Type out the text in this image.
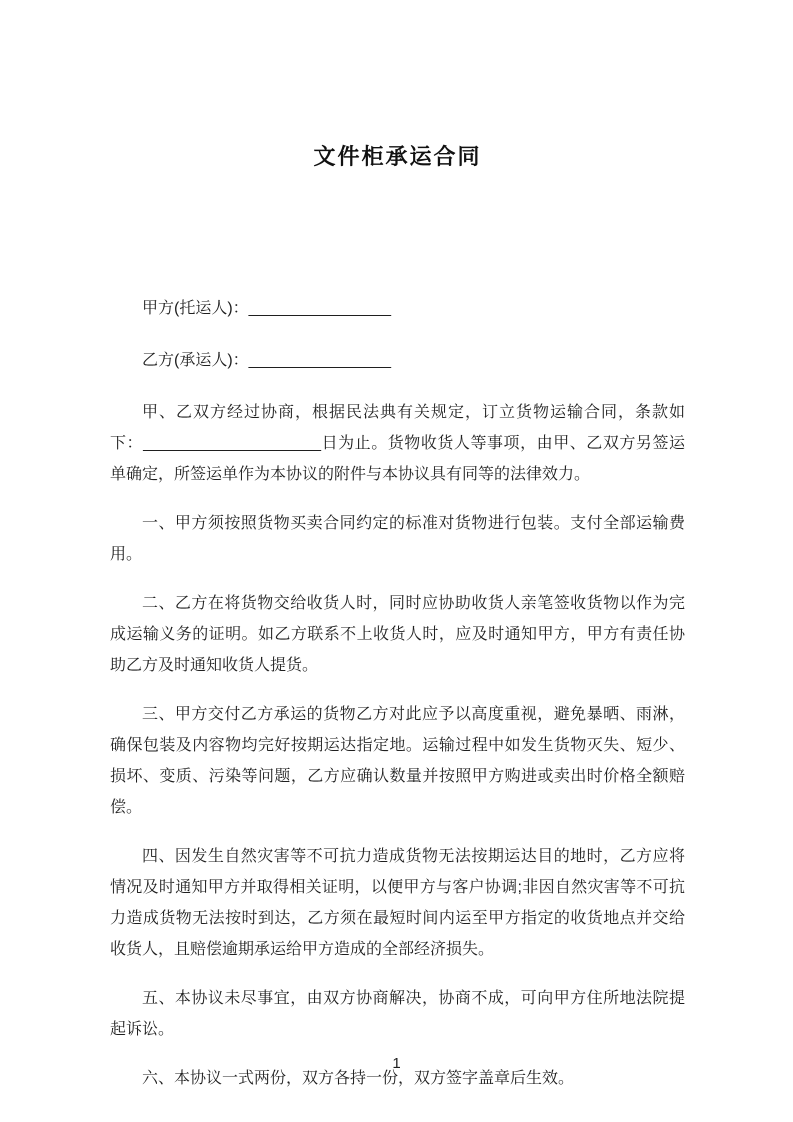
文件柜承运合同

甲方(托运人)：________________

乙方(承运人)：________________

甲、乙双方经过协商，根据民法典有关规定，订立货物运输合同，条款如下：____________________日为止。货物收货人等事项，由甲、乙双方另签运单确定，所签运单作为本协议的附件与本协议具有同等的法律效力。

一、甲方须按照货物买卖合同约定的标准对货物进行包装。支付全部运输费用。

二、乙方在将货物交给收货人时，同时应协助收货人亲笔签收货物以作为完成运输义务的证明。如乙方联系不上收货人时，应及时通知甲方，甲方有责任协助乙方及时通知收货人提货。

三、甲方交付乙方承运的货物乙方对此应予以高度重视，避免暴晒、雨淋，确保包装及内容物均完好按期运达指定地。运输过程中如发生货物灭失、短少、损坏、变质、污染等问题，乙方应确认数量并按照甲方购进或卖出时价格全额赔偿。

四、因发生自然灾害等不可抗力造成货物无法按期运达目的地时，乙方应将情况及时通知甲方并取得相关证明，以便甲方与客户协调;非因自然灾害等不可抗力造成货物无法按时到达，乙方须在最短时间内运至甲方指定的收货地点并交给收货人，且赔偿逾期承运给甲方造成的全部经济损失。

五、本协议未尽事宜，由双方协商解决，协商不成，可向甲方住所地法院提起诉讼。

六、本协议一式两份，双方各持一份，双方签字盖章后生效。

1
